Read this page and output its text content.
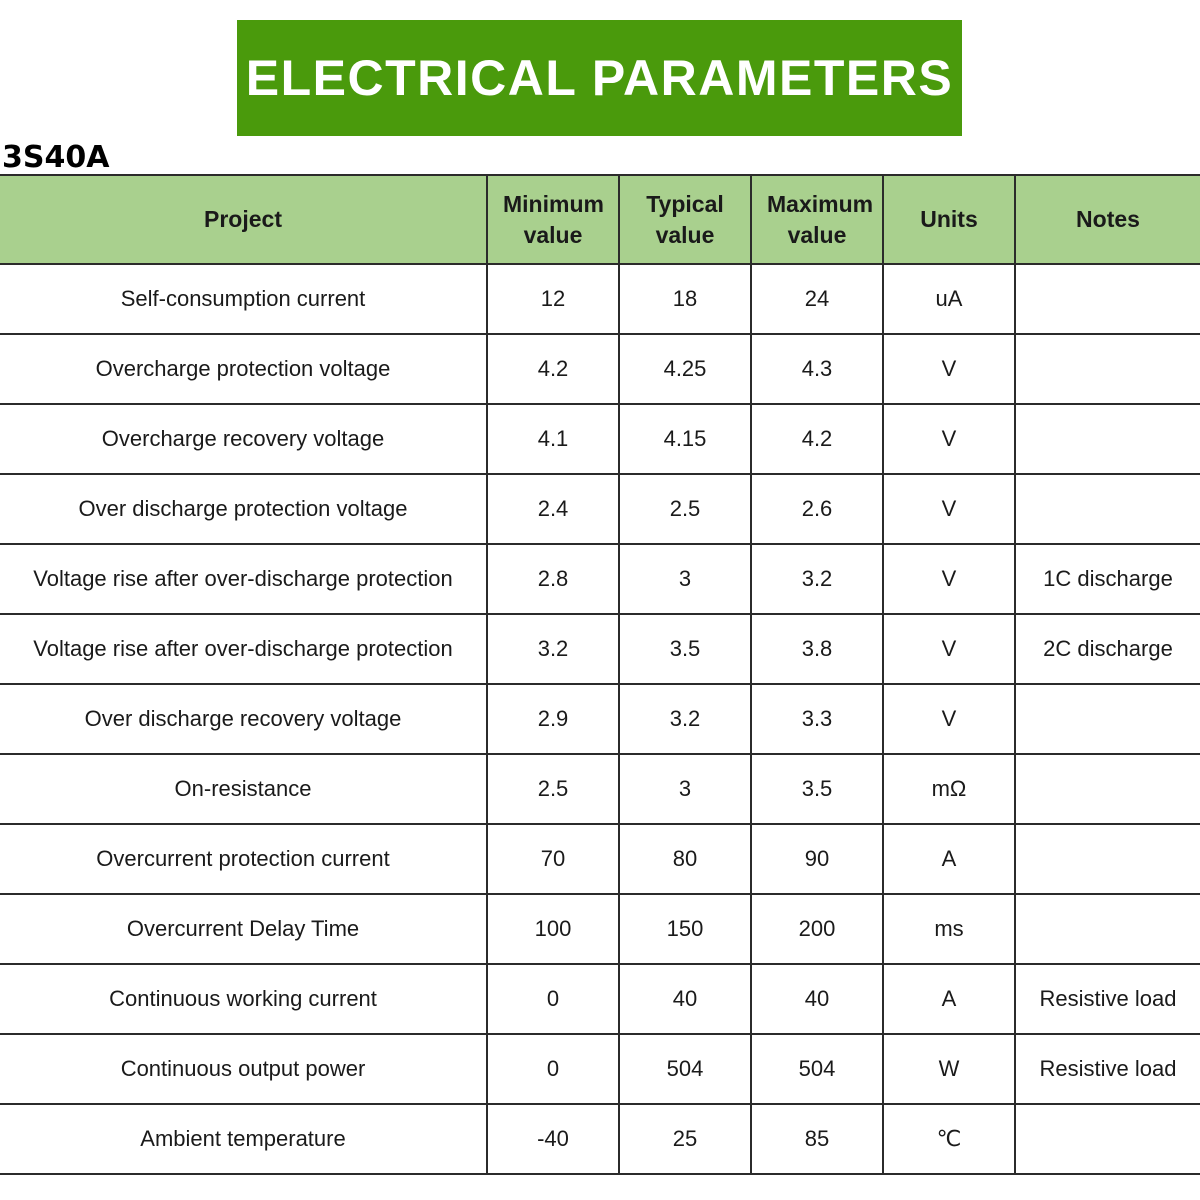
ELECTRICAL PARAMETERS
3S40A
Project	Minimum value	Typical value	Maximum value	Units	Notes
Self-consumption current	12	18	24	uA	
Overcharge protection voltage	4.2	4.25	4.3	V	
Overcharge recovery voltage	4.1	4.15	4.2	V	
Over discharge protection voltage	2.4	2.5	2.6	V	
Voltage rise after over-discharge protection	2.8	3	3.2	V	1C discharge
Voltage rise after over-discharge protection	3.2	3.5	3.8	V	2C discharge
Over discharge recovery voltage	2.9	3.2	3.3	V	
On-resistance	2.5	3	3.5	mΩ	
Overcurrent protection current	70	80	90	A	
Overcurrent Delay Time	100	150	200	ms	
Continuous working current	0	40	40	A	Resistive load
Continuous output power	0	504	504	W	Resistive load
Ambient temperature	-40	25	85	℃	
